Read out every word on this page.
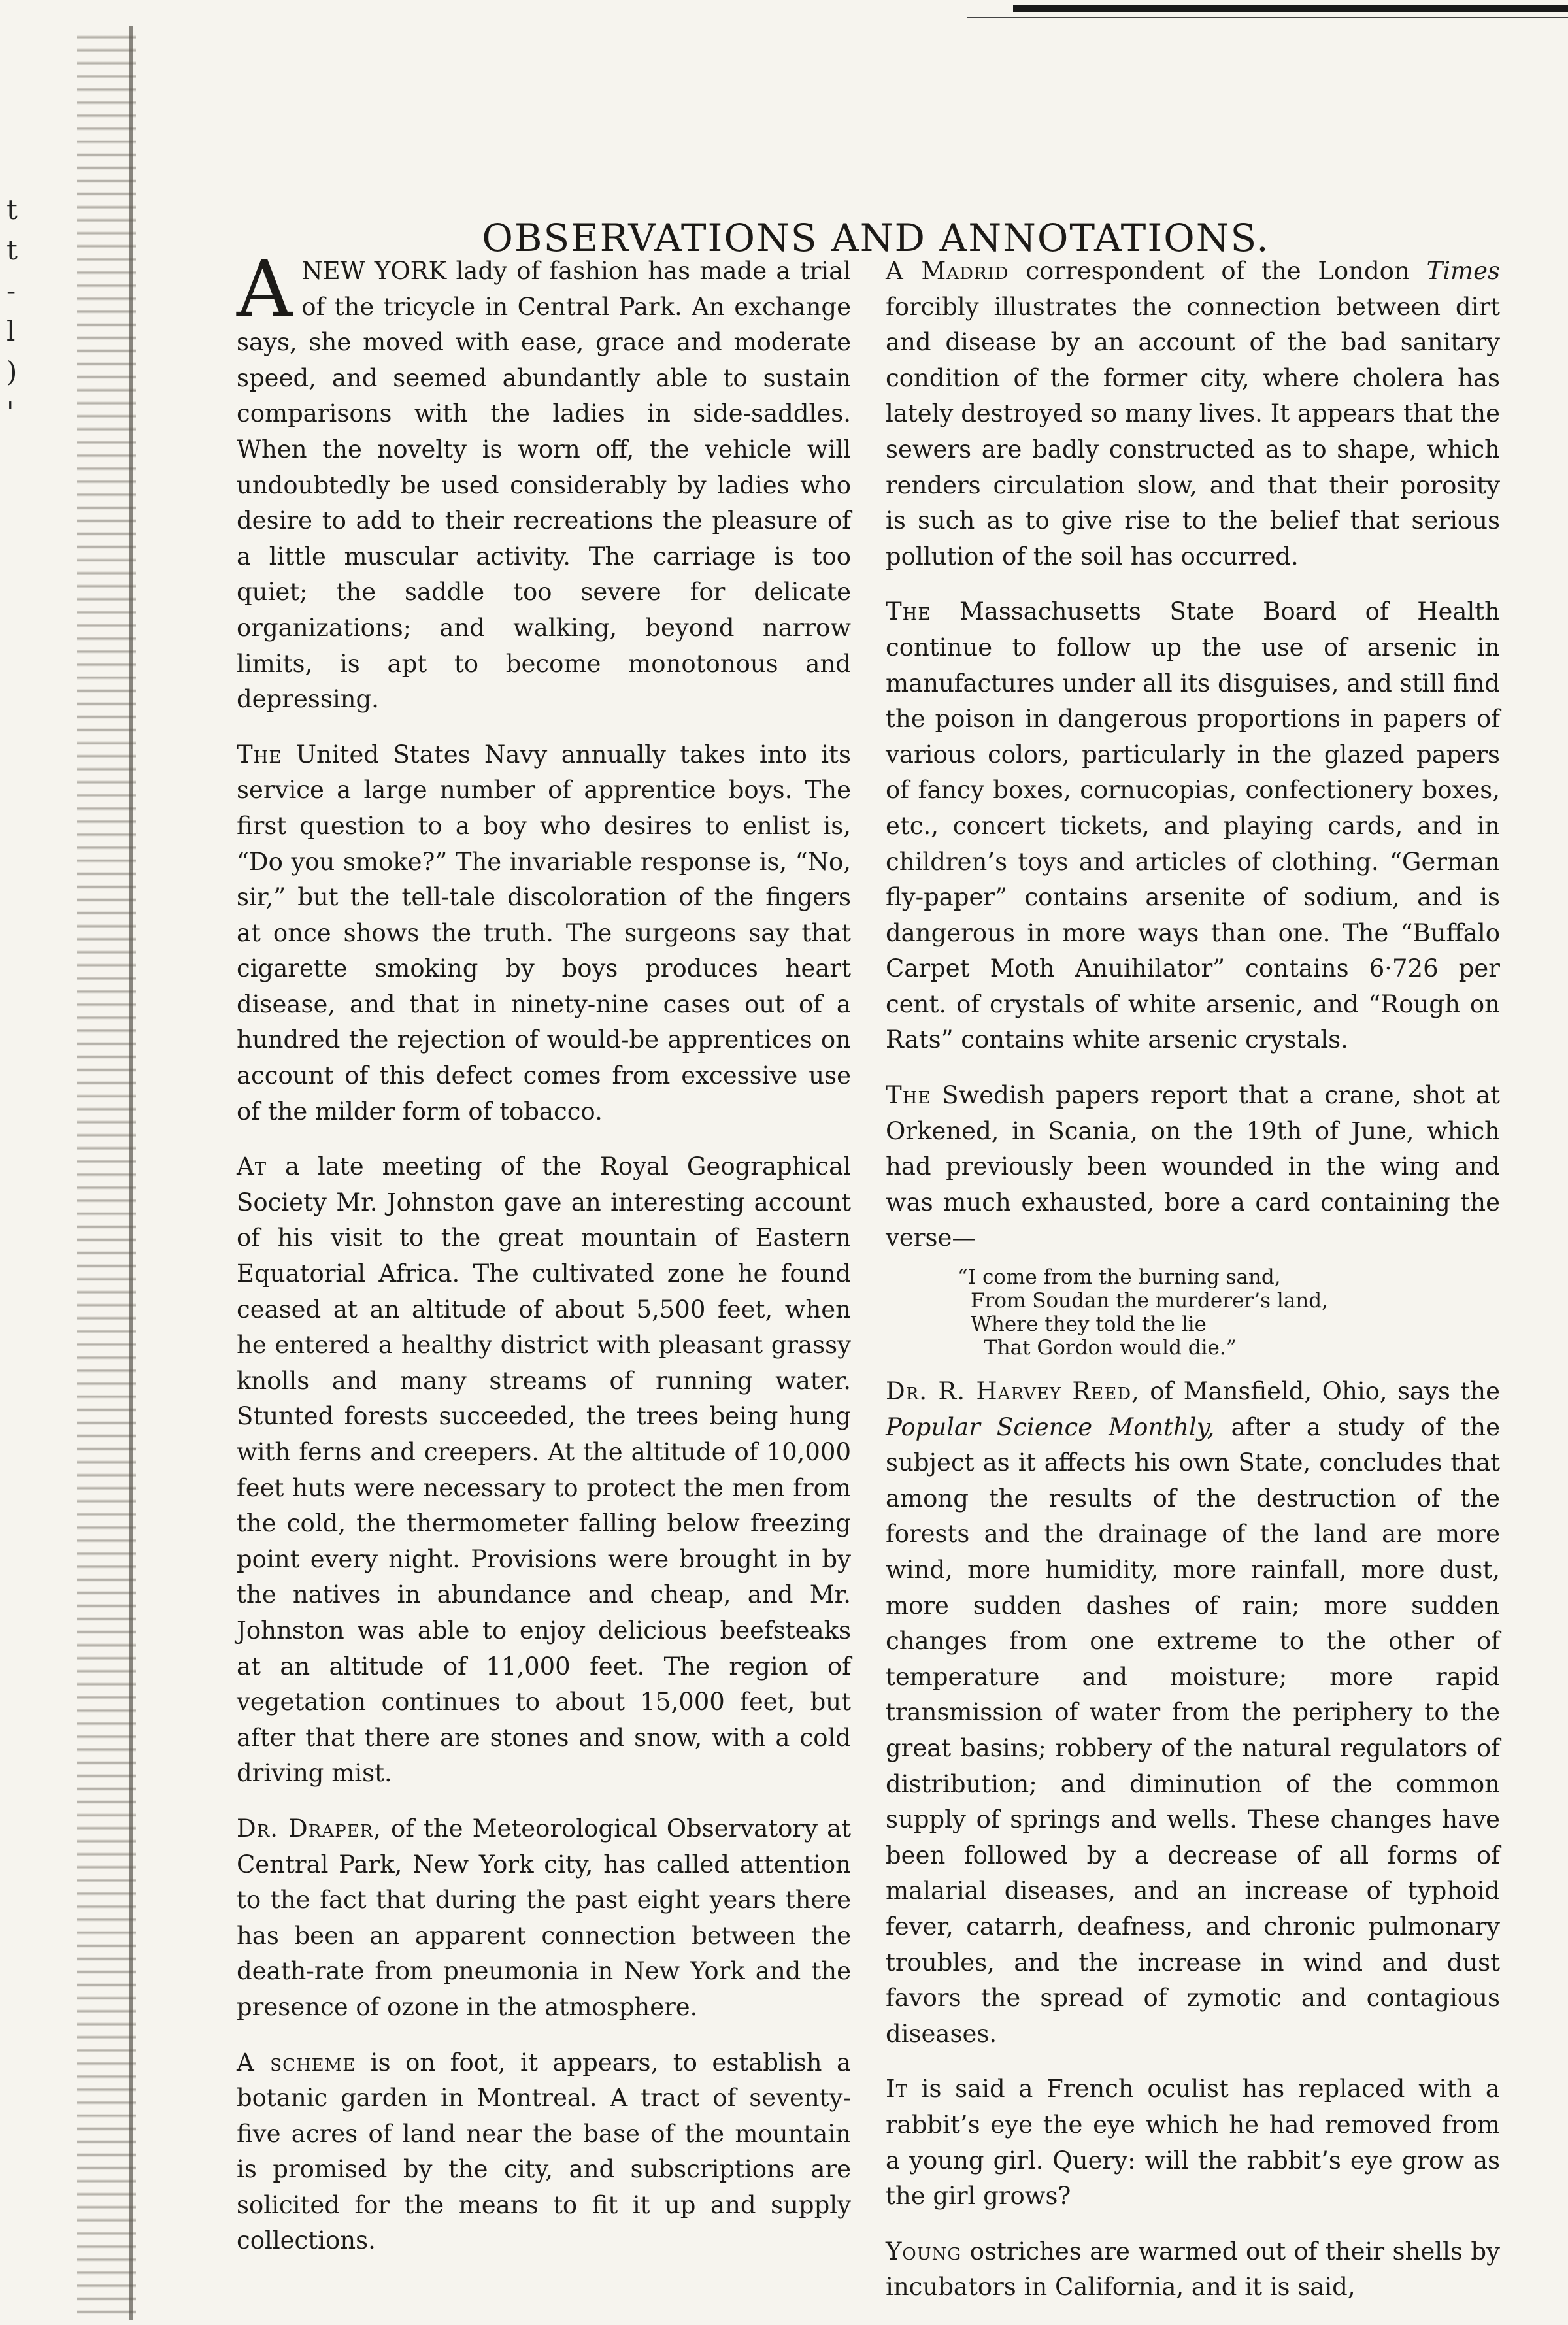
t
t
-
l
)
'
OBSERVATIONS AND ANNOTATIONS.

A NEW YORK lady of fashion has made a trial of the tricycle in Central Park. An exchange says, she moved with ease, grace and moderate speed, and seemed abundantly able to sustain comparisons with the ladies in side-saddles. When the novelty is worn off, the vehicle will undoubtedly be used considerably by ladies who desire to add to their recreations the pleasure of a little muscular activity. The carriage is too quiet; the saddle too severe for delicate organizations; and walking, beyond narrow limits, is apt to become monotonous and depressing.

The United States Navy annually takes into its service a large number of apprentice boys. The first question to a boy who desires to enlist is, “Do you smoke?” The invariable response is, “No, sir,” but the tell-tale discoloration of the fingers at once shows the truth. The surgeons say that cigarette smoking by boys produces heart disease, and that in ninety-nine cases out of a hundred the rejection of would-be apprentices on account of this defect comes from excessive use of the milder form of tobacco.

At a late meeting of the Royal Geographical Society Mr. Johnston gave an interesting account of his visit to the great mountain of Eastern Equatorial Africa. The cultivated zone he found ceased at an altitude of about 5,500 feet, when he entered a healthy district with pleasant grassy knolls and many streams of running water. Stunted forests succeeded, the trees being hung with ferns and creepers. At the altitude of 10,000 feet huts were necessary to protect the men from the cold, the thermometer falling below freezing point every night. Provisions were brought in by the natives in abundance and cheap, and Mr. Johnston was able to enjoy delicious beefsteaks at an altitude of 11,000 feet. The region of vegetation continues to about 15,000 feet, but after that there are stones and snow, with a cold driving mist.

Dr. Draper, of the Meteorological Observatory at Central Park, New York city, has called attention to the fact that during the past eight years there has been an apparent connection between the death-rate from pneumonia in New York and the presence of ozone in the atmosphere.

A scheme is on foot, it appears, to establish a botanic garden in Montreal. A tract of seventy-five acres of land near the base of the mountain is promised by the city, and subscriptions are solicited for the means to fit it up and supply collections.

A Madrid correspondent of the London Times forcibly illustrates the connection between dirt and disease by an account of the bad sanitary condition of the former city, where cholera has lately destroyed so many lives. It appears that the sewers are badly constructed as to shape, which renders circulation slow, and that their porosity is such as to give rise to the belief that serious pollution of the soil has occurred.

The Massachusetts State Board of Health continue to follow up the use of arsenic in manufactures under all its disguises, and still find the poison in dangerous proportions in papers of various colors, particularly in the glazed papers of fancy boxes, cornucopias, confectionery boxes, etc., concert tickets, and playing cards, and in children’s toys and articles of clothing. “German fly-paper” contains arsenite of sodium, and is dangerous in more ways than one. The “Buffalo Carpet Moth Anuihilator” contains 6·726 per cent. of crystals of white arsenic, and “Rough on Rats” contains white arsenic crystals.

The Swedish papers report that a crane, shot at Orkened, in Scania, on the 19th of June, which had previously been wounded in the wing and was much exhausted, bore a card containing the verse—

“I come from the burning sand,
From Soudan the murderer’s land,
Where they told the lie
That Gordon would die.”

Dr. R. Harvey Reed, of Mansfield, Ohio, says the Popular Science Monthly, after a study of the subject as it affects his own State, concludes that among the results of the destruction of the forests and the drainage of the land are more wind, more humidity, more rainfall, more dust, more sudden dashes of rain; more sudden changes from one extreme to the other of temperature and moisture; more rapid transmission of water from the periphery to the great basins; robbery of the natural regulators of distribution; and diminution of the common supply of springs and wells. These changes have been followed by a decrease of all forms of malarial diseases, and an increase of typhoid fever, catarrh, deafness, and chronic pulmonary troubles, and the increase in wind and dust favors the spread of zymotic and contagious diseases.

It is said a French oculist has replaced with a rabbit’s eye the eye which he had removed from a young girl. Query: will the rabbit’s eye grow as the girl grows?

Young ostriches are warmed out of their shells by incubators in California, and it is said,
